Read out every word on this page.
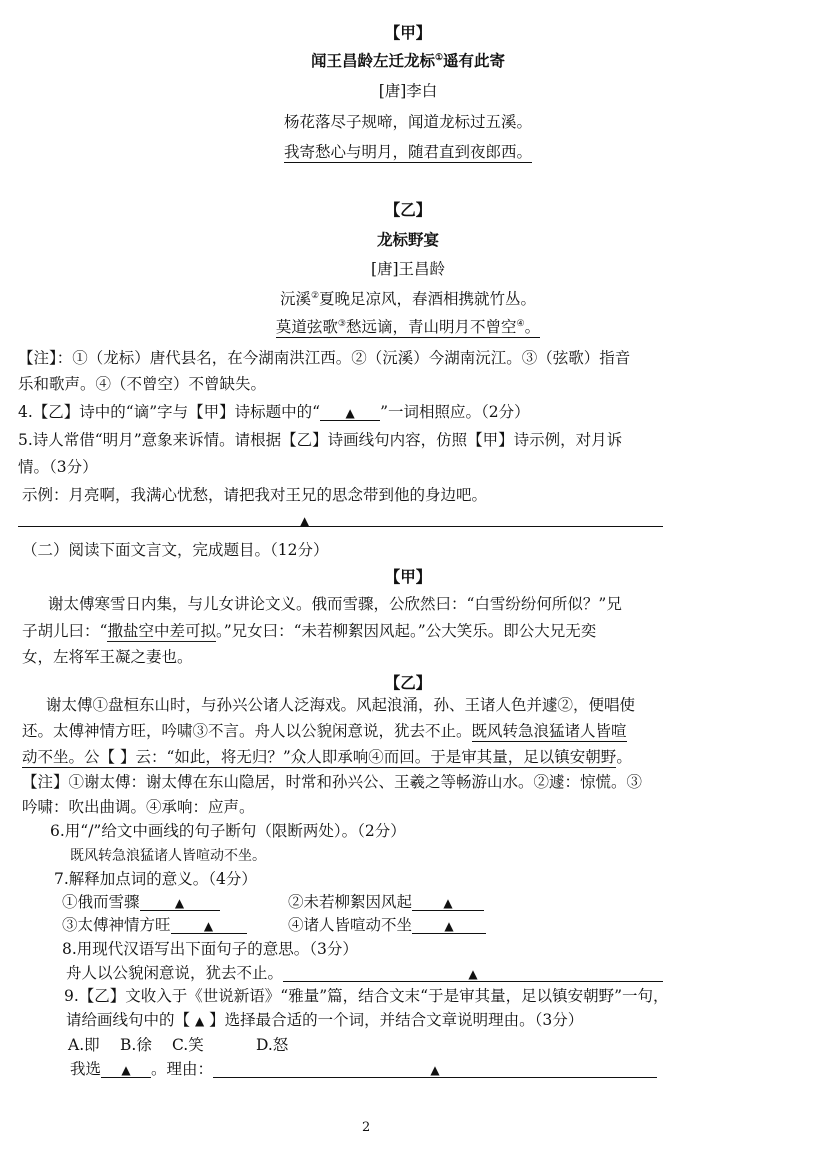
【甲】
闻王昌龄左迁龙标①遥有此寄
[唐]李白
杨花落尽子规啼，闻道龙标过五溪。
我寄愁心与明月，随君直到夜郎西。
【乙】
龙标野宴
[唐]王昌龄
沅溪②夏晚足凉风，春酒相携就竹丛。
莫道弦歌③愁远谪，青山明月不曾空④。
【注】：①（龙标）唐代县名，在今湖南洪江西。②（沅溪）今湖南沅江。③（弦歌）指音
乐和歌声。④（不曾空）不曾缺失。
4.【乙】诗中的“谪”字与【甲】诗标题中的“ ▲ ”一词相照应。（2分）
5.诗人常借“明月”意象来诉情。请根据【乙】诗画线句内容，仿照【甲】诗示例，对月诉
情。（3分）
示例：月亮啊，我满心忧愁，请把我对王兄的思念带到他的身边吧。
▲
（二）阅读下面文言文，完成题目。（12分）
【甲】
谢太傅寒雪日内集，与儿女讲论文义。俄而雪骤，公欣然曰：“白雪纷纷何所似？”兄
子胡儿曰：“撒盐空中差可拟。”兄女曰：“未若柳絮因风起。”公大笑乐。即公大兄无奕
女，左将军王凝之妻也。
【乙】
谢太傅①盘桓东山时，与孙兴公诸人泛海戏。风起浪涌，孙、王诸人色并遽②，便唱使
还。太傅神情方旺，吟啸③不言。舟人以公貌闲意说，犹去不止。既风转急浪猛诸人皆喧
动不坐。公【 】云：“如此，将无归？”众人即承响④而回。于是审其量，足以镇安朝野。
【注】①谢太傅：谢太傅在东山隐居，时常和孙兴公、王羲之等畅游山水。②遽：惊慌。③
吟啸：吹出曲调。④承响：应声。
6.用“/”给文中画线的句子断句（限断两处）。（2分）
既风转急浪猛诸人皆喧动不坐。
7.解释加点词的意义。（4分）
①俄而雪骤	▲	②未若柳絮因风起	▲
③太傅神情方旺	▲	④诸人皆喧动不坐	▲
8.用现代汉语写出下面句子的意思。（3分）
舟人以公貌闲意说，犹去不止。	▲
9.【乙】文收入于《世说新语》“雅量”篇，结合文末“于是审其量，足以镇安朝野”一句，
请给画线句中的【 ▲ 】选择最合适的一个词，并结合文章说明理由。（3分）
A.即 B.徐 C.笑	D.怒
我选 ▲ 。理由：	▲
2
